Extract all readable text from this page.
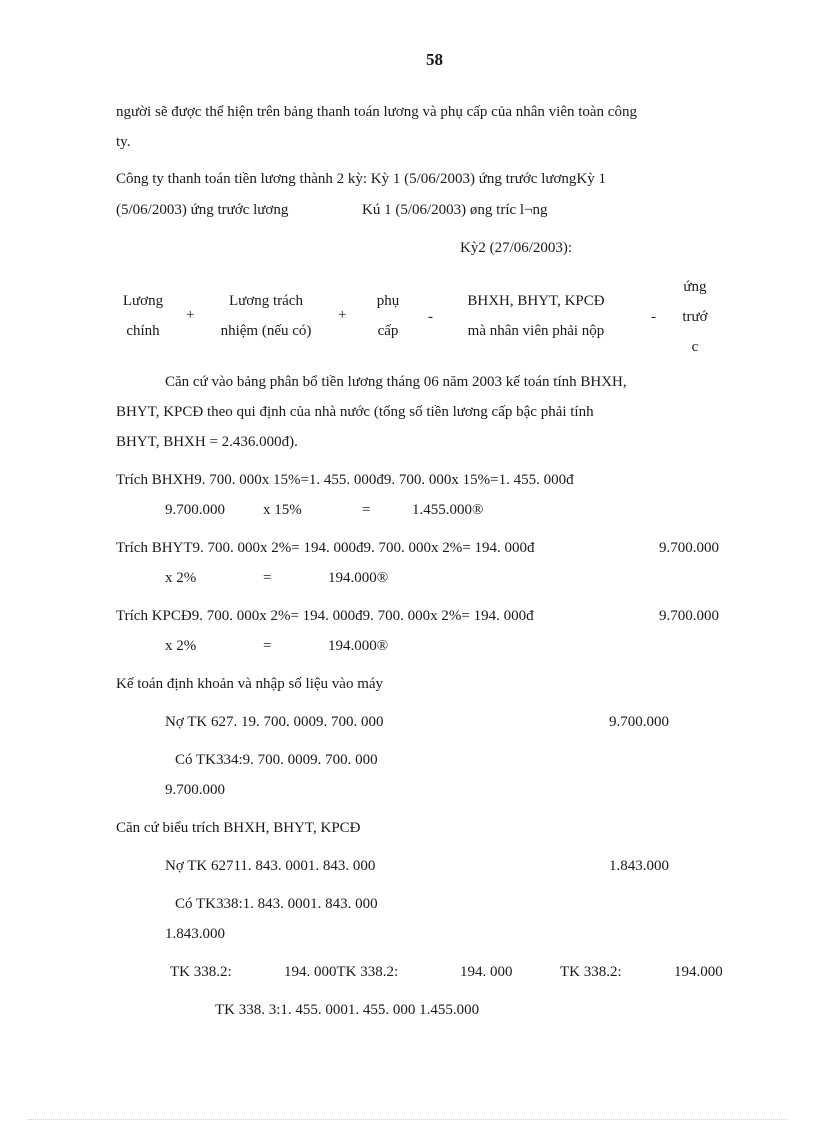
58
người sẽ được thể hiện trên bảng thanh toán lương và phụ cấp của nhân viên toàn công
ty.
Công ty thanh toán tiền lương thành 2 kỳ: Kỳ 1 (5/06/2003) ứng trước lươngKỳ 1
(5/06/2003) ứng trước lương	Kú 1 (5/06/2003) øng tríc l¬ng
Kỳ2 (27/06/2003):
Lương
chính
+
Lương trách
nhiệm (nếu có)
+
phụ
cấp
-
BHXH, BHYT, KPCĐ
mà nhân viên phải nộp
-
ứng
trướ
c
Căn cứ vào bảng phân bổ tiền lương tháng 06 năm 2003 kế toán tính BHXH,
BHYT, KPCĐ theo qui định của nhà nước (tổng số tiền lương cấp bậc phải tính
BHYT, BHXH = 2.436.000đ).
Trích BHXH9. 700. 000x 15%=1. 455. 000đ9. 700. 000x 15%=1. 455. 000đ
9.700.000	x 15%	=	1.455.000®
Trích BHYT9. 700. 000x 2%= 194. 000đ9. 700. 000x 2%= 194. 000đ	9.700.000
x 2%	=	194.000®
Trích KPCĐ9. 700. 000x 2%= 194. 000đ9. 700. 000x 2%= 194. 000đ	9.700.000
x 2%	=	194.000®
Kế toán định khoản và nhập số liệu vào máy
Nợ TK 627. 19. 700. 0009. 700. 000	9.700.000
Có TK334:9. 700. 0009. 700. 000
9.700.000
Căn cứ biểu trích BHXH, BHYT, KPCĐ
Nợ TK 62711. 843. 0001. 843. 000	1.843.000
Có TK338:1. 843. 0001. 843. 000
1.843.000
TK 338.2:	194. 000TK 338.2:	194. 000	TK 338.2:	194.000
TK 338. 3:1. 455. 0001. 455. 000 1.455.000
